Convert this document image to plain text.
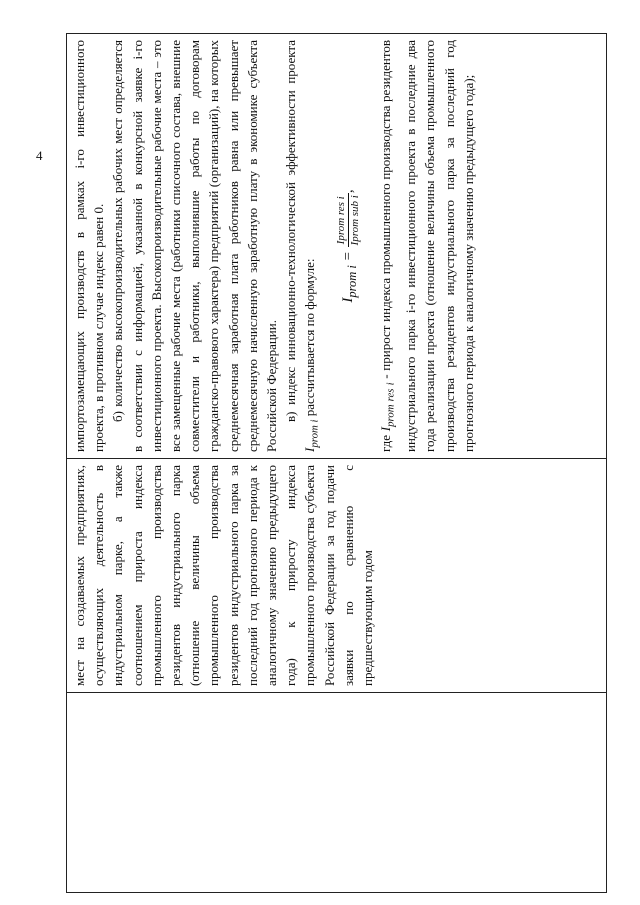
4

мест на создаваемых предприятиях, осуществляющих деятельность в индустриальном парке, а также соотношением прироста индекса промышленного производства резидентов индустриального парка (отношение величины объема промышленного производства резидентов индустриального парка за последний год прогнозного периода к аналогичному значению предыдущего года) к приросту индекса промышленного производства субъекта Российской Федерации за год подачи заявки по сравнению с предшествующим годом

импортозамещающих производств в рамках i-го инвестиционного проекта, в противном случае индекс равен 0. б) количество высокопроизводительных рабочих мест определяется в соответствии с информацией, указанной в конкурсной заявке i-го инвестиционного проекта. Высокопроизводительные рабочие места – это все замещенные рабочие места (работники списочного состава, внешние совместители и работники, выполнившие работы по договорам гражданско-правового характера) предприятий (организаций), на которых среднемесячная заработная плата работников равна или превышает среднемесячную начисленную заработную плату в экономике субъекта Российской Федерации. в) индекс инновационно-технологической эффективности проекта $I_{prom i}$ рассчитывается по формуле:	$I_{prom i}$ =
Iprom res i Iprom sub i
,

где $I_{prom res i}$ - прирост индекса промышленного производства резидентов индустриального парка i-го инвестиционного проекта в последние два года реализации проекта (отношение величины объема промышленного производства резидентов индустриального парка за последний год прогнозного периода к аналогичному значению предыдущего года);
